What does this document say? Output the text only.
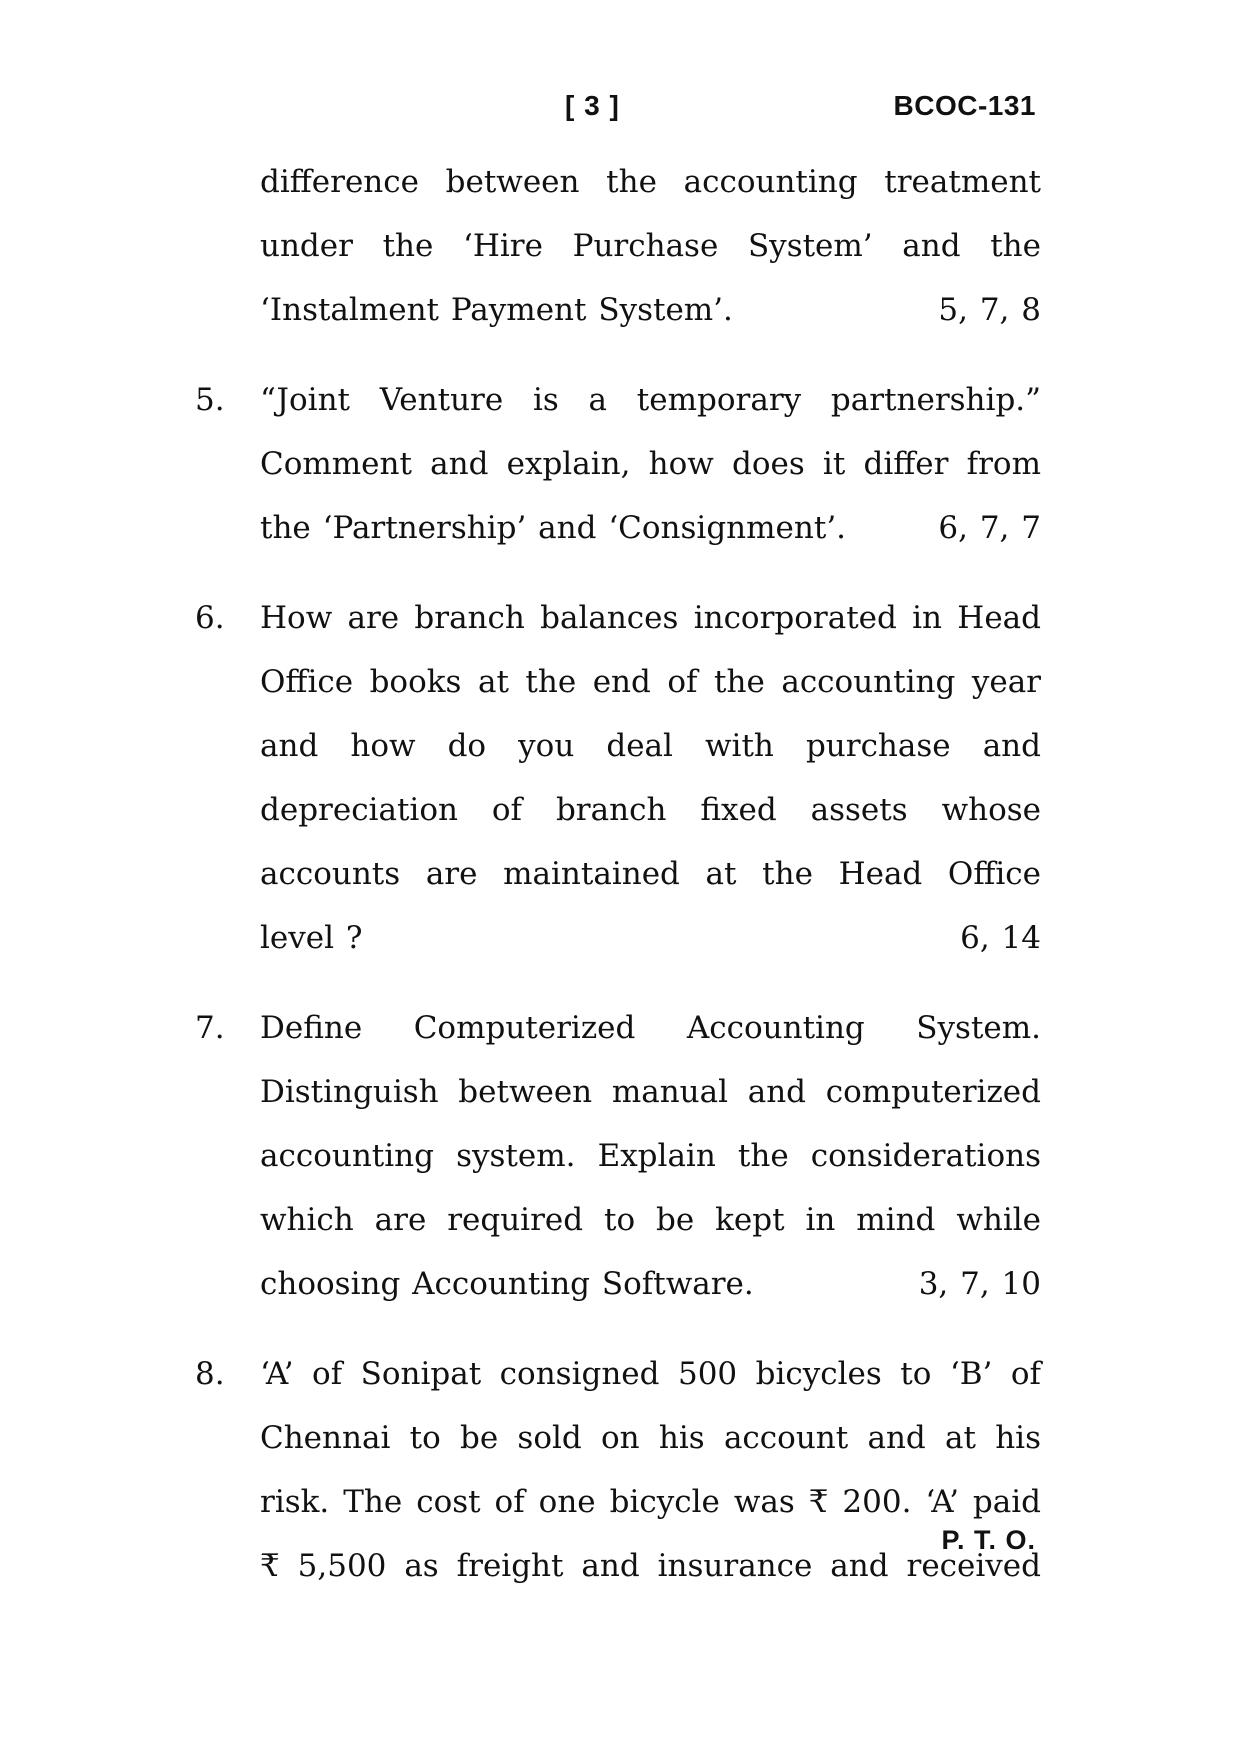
[ 3 ]	BCOC-131
difference between the accounting treatment under the ‘Hire Purchase System’ and the ‘Instalment Payment System’.	5, 7, 8
5. “Joint Venture is a temporary partnership.” Comment and explain, how does it differ from the ‘Partnership’ and ‘Consignment’.	6, 7, 7
6. How are branch balances incorporated in Head Office books at the end of the accounting year and how do you deal with purchase and depreciation of branch fixed assets whose accounts are maintained at the Head Office level ?	6, 14
7. Define Computerized Accounting System. Distinguish between manual and computerized accounting system. Explain the considerations which are required to be kept in mind while choosing Accounting Software.	3, 7, 10
8. ‘A’ of Sonipat consigned 500 bicycles to ‘B’ of Chennai to be sold on his account and at his risk. The cost of one bicycle was ₹ 200. ‘A’ paid ₹ 5,500 as freight and insurance and received
P. T. O.
